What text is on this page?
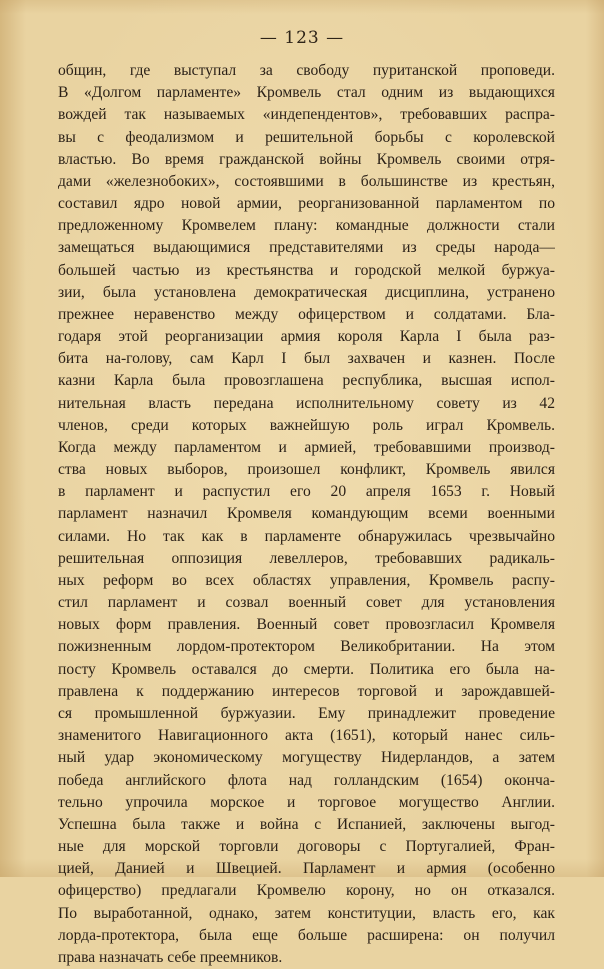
— 123 —
общин, где выступал за свободу пуританской проповеди.
В «Долгом парламенте» Кромвель стал одним из выдающихся
вождей так называемых «индепендентов», требовавших распра-
вы с феодализмом и решительной борьбы с королевской
властью. Во время гражданской войны Кромвель своими отря-
дами «железнобоких», состоявшими в большинстве из крестьян,
составил ядро новой армии, реорганизованной парламентом по
предложенному Кромвелем плану: командные должности стали
замещаться выдающимися представителями из среды народа—
большей частью из крестьянства и городской мелкой буржуа-
зии, была установлена демократическая дисциплина, устранено
прежнее неравенство между офицерством и солдатами. Бла-
годаря этой реорганизации армия короля Карла I была раз-
бита на-голову, сам Карл I был захвачен и казнен. После
казни Карла была провозглашена республика, высшая испол-
нительная власть передана исполнительному совету из 42
членов, среди которых важнейшую роль играл Кромвель.
Когда между парламентом и армией, требовавшими производ-
ства новых выборов, произошел конфликт, Кромвель явился
в парламент и распустил его 20 апреля 1653 г. Новый
парламент назначил Кромвеля командующим всеми военными
силами. Но так как в парламенте обнаружилась чрезвычайно
решительная оппозиция левеллеров, требовавших радикаль-
ных реформ во всех областях управления, Кромвель распу-
стил парламент и созвал военный совет для установления
новых форм правления. Военный совет провозгласил Кромвеля
пожизненным лордом-протектором Великобритании. На этом
посту Кромвель оставался до смерти. Политика его была на-
правлена к поддержанию интересов торговой и зарождавшей-
ся промышленной буржуазии. Ему принадлежит проведение
знаменитого Навигационного акта (1651), который нанес силь-
ный удар экономическому могуществу Нидерландов, а затем
победа английского флота над голландским (1654) оконча-
тельно упрочила морское и торговое могущество Англии.
Успешна была также и война с Испанией, заключены выгод-
ные для морской торговли договоры с Португалией, Фран-
цией, Данией и Швецией. Парламент и армия (особенно
офицерство) предлагали Кромвелю корону, но он отказался.
По выработанной, однако, затем конституции, власть его, как
лорда-протектора, была еще больше расширена: он получил
права назначать себе преемников.
